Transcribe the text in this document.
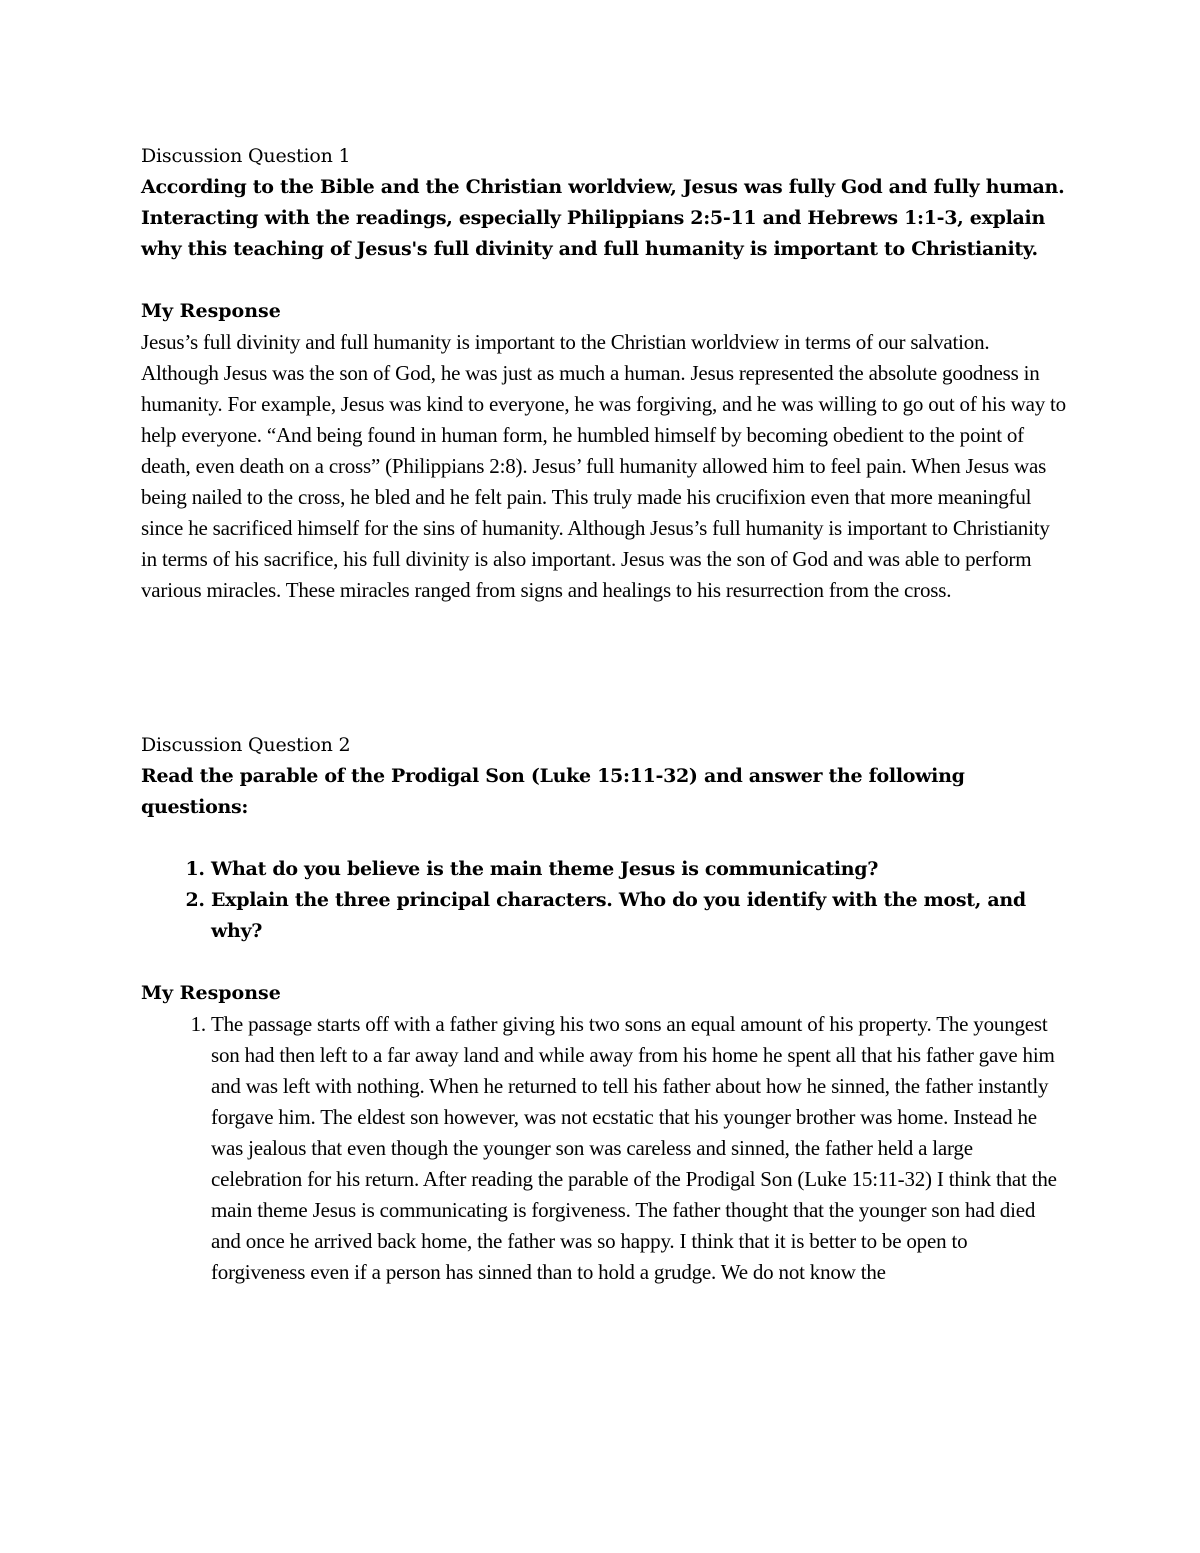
Discussion Question 1

According to the Bible and the Christian worldview, Jesus was fully God and fully human. Interacting with the readings, especially Philippians 2:5-11 and Hebrews 1:1-3, explain why this teaching of Jesus's full divinity and full humanity is important to Christianity.

My Response

Jesus’s full divinity and full humanity is important to the Christian worldview in terms of our salvation. Although Jesus was the son of God, he was just as much a human. Jesus represented the absolute goodness in humanity. For example, Jesus was kind to everyone, he was forgiving, and he was willing to go out of his way to help everyone. “And being found in human form, he humbled himself by becoming obedient to the point of death, even death on a cross” (Philippians 2:8). Jesus’ full humanity allowed him to feel pain. When Jesus was being nailed to the cross, he bled and he felt pain. This truly made his crucifixion even that more meaningful since he sacrificed himself for the sins of humanity. Although Jesus’s full humanity is important to Christianity in terms of his sacrifice, his full divinity is also important. Jesus was the son of God and was able to perform various miracles. These miracles ranged from signs and healings to his resurrection from the cross.

Discussion Question 2

Read the parable of the Prodigal Son (Luke 15:11-32) and answer the following questions:

1. What do you believe is the main theme Jesus is communicating?
2. Explain the three principal characters. Who do you identify with the most, and why?

My Response

1. The passage starts off with a father giving his two sons an equal amount of his property. The youngest son had then left to a far away land and while away from his home he spent all that his father gave him and was left with nothing. When he returned to tell his father about how he sinned, the father instantly forgave him. The eldest son however, was not ecstatic that his younger brother was home. Instead he was jealous that even though the younger son was careless and sinned, the father held a large celebration for his return. After reading the parable of the Prodigal Son (Luke 15:11-32) I think that the main theme Jesus is communicating is forgiveness. The father thought that the younger son had died and once he arrived back home, the father was so happy. I think that it is better to be open to forgiveness even if a person has sinned than to hold a grudge. We do not know the
